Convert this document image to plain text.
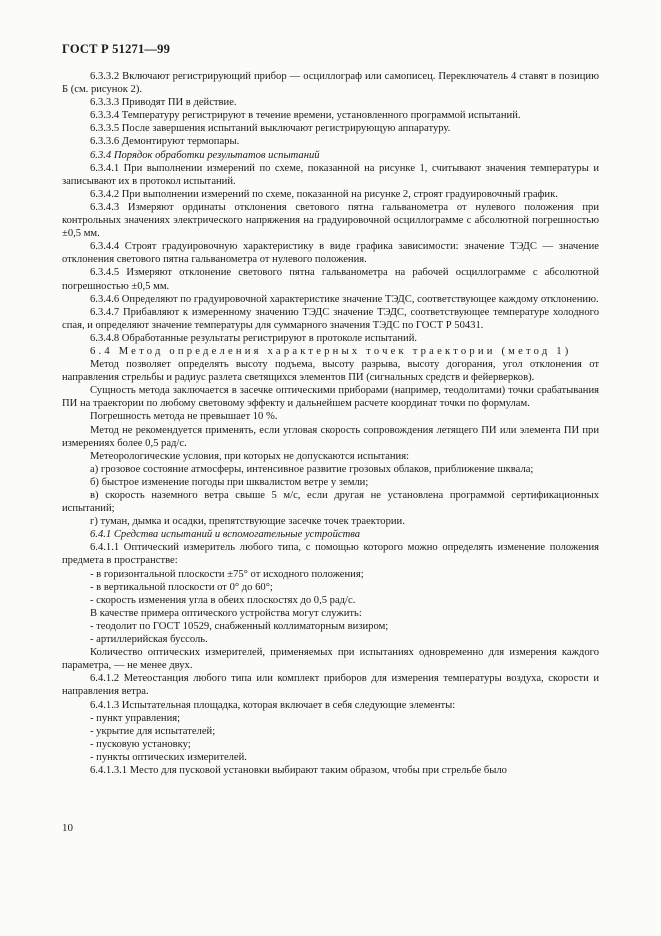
ГОСТ Р 51271—99

6.3.3.2 Включают регистрирующий прибор — осциллограф или самописец. Переключатель 4 ставят в позицию Б (см. рисунок 2).

6.3.3.3 Приводят ПИ в действие.

6.3.3.4 Температуру регистрируют в течение времени, установленного программой испытаний.

6.3.3.5 После завершения испытаний выключают регистрирующую аппаратуру.

6.3.3.6 Демонтируют термопары.

6.3.4 Порядок обработки результатов испытаний

6.3.4.1 При выполнении измерений по схеме, показанной на рисунке 1, считывают значения температуры и записывают их в протокол испытаний.

6.3.4.2 При выполнении измерений по схеме, показанной на рисунке 2, строят градуировочный график.

6.3.4.3 Измеряют ординаты отклонения светового пятна гальванометра от нулевого положения при контрольных значениях электрического напряжения на градуировочной осциллограмме с абсолютной погрешностью ±0,5 мм.

6.3.4.4 Строят градуировочную характеристику в виде графика зависимости: значение ТЭДС — значение отклонения светового пятна гальванометра от нулевого положения.

6.3.4.5 Измеряют отклонение светового пятна гальванометра на рабочей осциллограмме с абсолютной погрешностью ±0,5 мм.

6.3.4.6 Определяют по градуировочной характеристике значение ТЭДС, соответствующее каждому отклонению.

6.3.4.7 Прибавляют к измеренному значению ТЭДС значение ТЭДС, соответствующее температуре холодного спая, и определяют значение температуры для суммарного значения ТЭДС по ГОСТ Р 50431.

6.3.4.8 Обработанные результаты регистрируют в протоколе испытаний.

6.4 Метод определения характерных точек траектории (метод 1)

Метод позволяет определять высоту подъема, высоту разрыва, высоту догорания, угол отклонения от направления стрельбы и радиус разлета светящихся элементов ПИ (сигнальных средств и фейерверков).

Сущность метода заключается в засечке оптическими приборами (например, теодолитами) точки срабатывания ПИ на траектории по любому световому эффекту и дальнейшем расчете координат точки по формулам.

Погрешность метода не превышает 10 %.

Метод не рекомендуется применять, если угловая скорость сопровождения летящего ПИ или элемента ПИ при измерениях более 0,5 рад/с.

Метеорологические условия, при которых не допускаются испытания:

а) грозовое состояние атмосферы, интенсивное развитие грозовых облаков, приближение шквала;

б) быстрое изменение погоды при шквалистом ветре у земли;

в) скорость наземного ветра свыше 5 м/с, если другая не установлена программой сертификационных испытаний;

г) туман, дымка и осадки, препятствующие засечке точек траектории.

6.4.1 Средства испытаний и вспомогательные устройства

6.4.1.1 Оптический измеритель любого типа, с помощью которого можно определять изменение положения предмета в пространстве:

- в горизонтальной плоскости ±75° от исходного положения;

- в вертикальной плоскости от 0° до 60°;

- скорость изменения угла в обеих плоскостях до 0,5 рад/с.

В качестве примера оптического устройства могут служить:

- теодолит по ГОСТ 10529, снабженный коллиматорным визиром;

- артиллерийская буссоль.

Количество оптических измерителей, применяемых при испытаниях одновременно для измерения каждого параметра, — не менее двух.

6.4.1.2 Метеостанция любого типа или комплект приборов для измерения температуры воздуха, скорости и направления ветра.

6.4.1.3 Испытательная площадка, которая включает в себя следующие элементы:

- пункт управления;

- укрытие для испытателей;

- пусковую установку;

- пункты оптических измерителей.

6.4.1.3.1 Место для пусковой установки выбирают таким образом, чтобы при стрельбе было

10
